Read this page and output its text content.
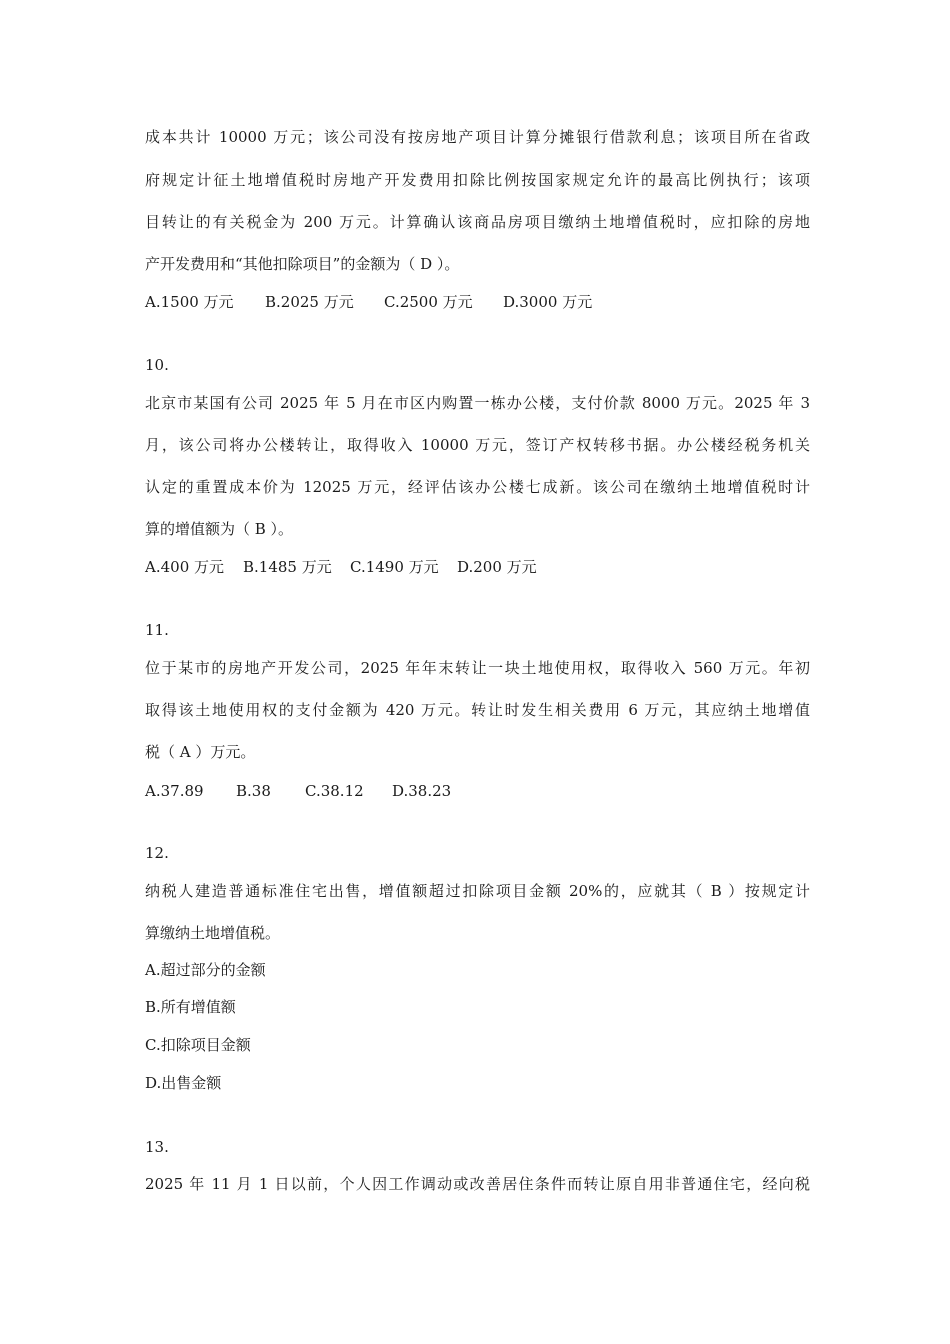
成本共计 10000 万元；该公司没有按房地产项目计算分摊银行借款利息；该项目所在省政
府规定计征土地增值税时房地产开发费用扣除比例按国家规定允许的最高比例执行；该项
目转让的有关税金为 200 万元。计算确认该商品房项目缴纳土地增值税时，应扣除的房地
产开发费用和“其他扣除项目”的金额为（ D ）。
A.1500 万元 B.2025 万元 C.2500 万元 D.3000 万元
10.
北京市某国有公司 2025 年 5 月在市区内购置一栋办公楼，支付价款 8000 万元。2025 年 3
月，该公司将办公楼转让，取得收入 10000 万元，签订产权转移书据。办公楼经税务机关
认定的重置成本价为 12025 万元，经评估该办公楼七成新。该公司在缴纳土地增值税时计
算的增值额为（ B ）。
A.400 万元 B.1485 万元 C.1490 万元 D.200 万元
11.
位于某市的房地产开发公司，2025 年年末转让一块土地使用权，取得收入 560 万元。年初
取得该土地使用权的支付金额为 420 万元。转让时发生相关费用 6 万元，其应纳土地增值
税（ A ）万元。
A.37.89 B.38 C.38.12 D.38.23
12.
纳税人建造普通标准住宅出售，增值额超过扣除项目金额 20%的，应就其（ B ）按规定计
算缴纳土地增值税。
A.超过部分的金额
B.所有增值额
C.扣除项目金额
D.出售金额
13.
2025 年 11 月 1 日以前，个人因工作调动或改善居住条件而转让原自用非普通住宅，经向税
